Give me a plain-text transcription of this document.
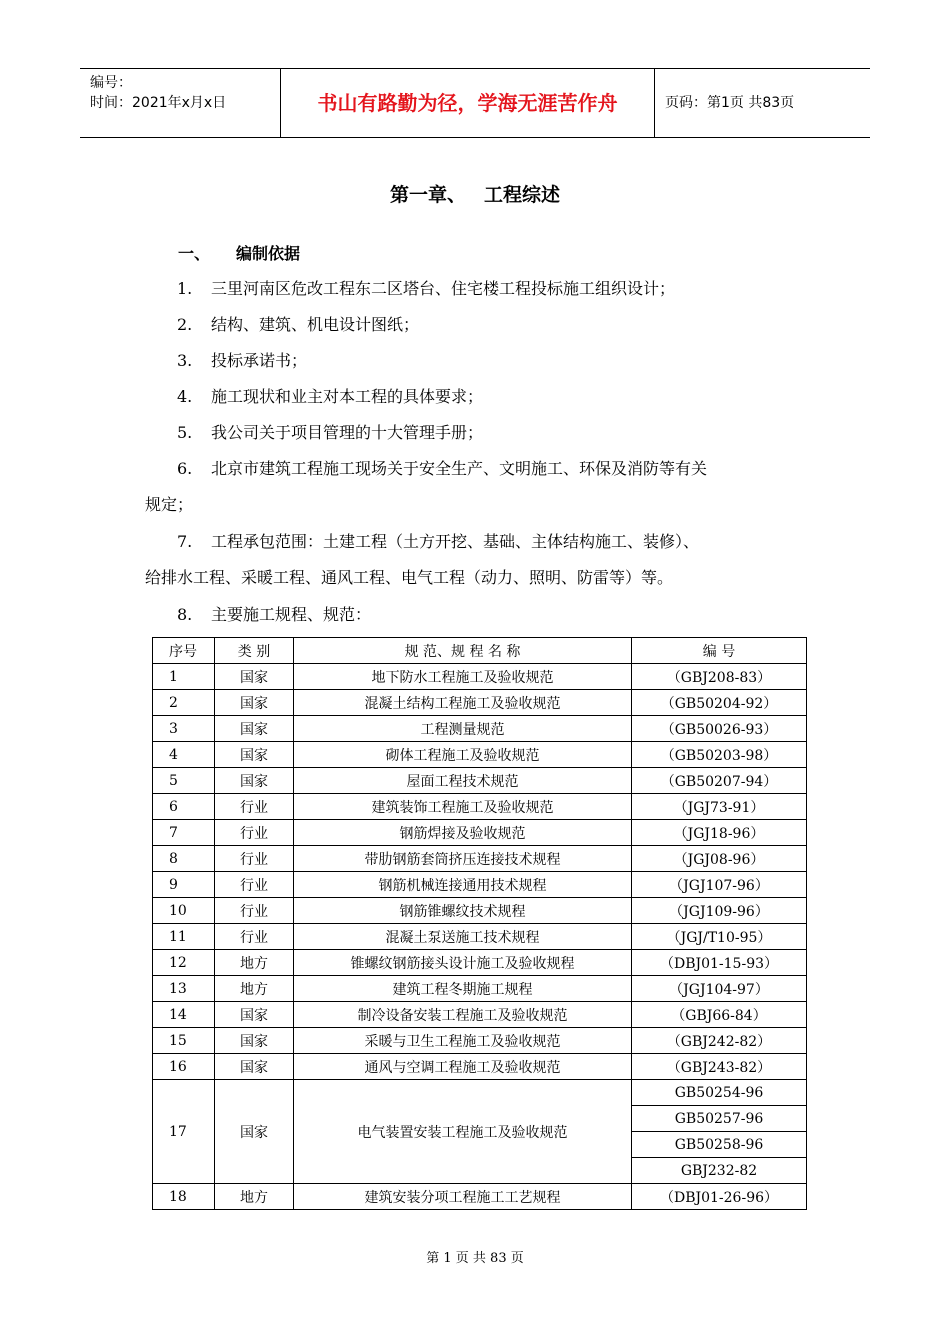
编号：
时间：2021年x月x日	书山有路勤为径，学海无涯苦作舟	页码：第1页 共83页
第一章、 工程综述
一、 编制依据
1. 三里河南区危改工程东二区塔台、住宅楼工程投标施工组织设计；
2. 结构、建筑、机电设计图纸；
3. 投标承诺书；
4. 施工现状和业主对本工程的具体要求；
5. 我公司关于项目管理的十大管理手册；
6. 北京市建筑工程施工现场关于安全生产、文明施工、环保及消防等有关
规定；
7. 工程承包范围：土建工程（土方开挖、基础、主体结构施工、装修）、
给排水工程、采暖工程、通风工程、电气工程（动力、照明、防雷等）等。
8. 主要施工规程、规范：
序号	类 别	规 范、规 程 名 称	编 号
1	国家	地下防水工程施工及验收规范	（GBJ208-83）
2	国家	混凝土结构工程施工及验收规范	（GB50204-92）
3	国家	工程测量规范	（GB50026-93）
4	国家	砌体工程施工及验收规范	（GB50203-98）
5	国家	屋面工程技术规范	（GB50207-94）
6	行业	建筑装饰工程施工及验收规范	（JGJ73-91）
7	行业	钢筋焊接及验收规范	（JGJ18-96）
8	行业	带肋钢筋套筒挤压连接技术规程	（JGJ08-96）
9	行业	钢筋机械连接通用技术规程	（JGJ107-96）
10	行业	钢筋锥螺纹技术规程	（JGJ109-96）
11	行业	混凝土泵送施工技术规程	（JGJ/T10-95）
12	地方	锥螺纹钢筋接头设计施工及验收规程	（DBJ01-15-93）
13	地方	建筑工程冬期施工规程	（JGJ104-97）
14	国家	制冷设备安装工程施工及验收规范	（GBJ66-84）
15	国家	采暖与卫生工程施工及验收规范	（GBJ242-82）
16	国家	通风与空调工程施工及验收规范	（GBJ243-82）
17	国家	电气装置安装工程施工及验收规范	GB50254-96
			GB50257-96
			GB50258-96
			GBJ232-82
18	地方	建筑安装分项工程施工工艺规程	（DBJ01-26-96）
第 1 页 共 83 页
